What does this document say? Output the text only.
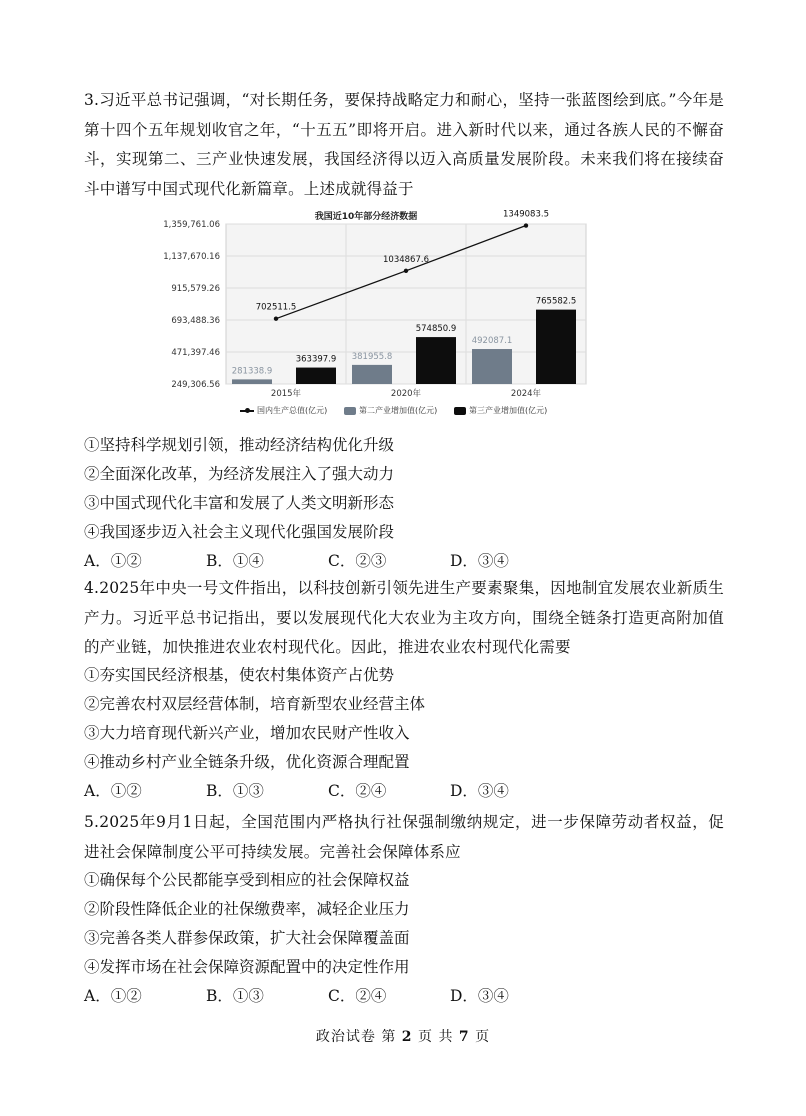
3.习近平总书记强调，“对长期任务，要保持战略定力和耐心，坚持一张蓝图绘到底。”今年是第十四个五年规划收官之年，“十五五”即将开启。进入新时代以来，通过各族人民的不懈奋斗，实现第二、三产业快速发展，我国经济得以迈入高质量发展阶段。未来我们将在接续奋斗中谱写中国式现代化新篇章。上述成就得益于
1,359,761.06
1,137,670.16
915,579.26
693,488.36
471,397.46
249,306.56
我国近10年部分经济数据
281338.9
363397.9
2015年
381955.8
574850.9
2020年
492087.1
765582.5
2024年
702511.5
1034867.6
1349083.5
国内生产总值(亿元)	第二产业增加值(亿元)	第三产业增加值(亿元)
①坚持科学规划引领，推动经济结构优化升级
②全面深化改革，为经济发展注入了强大动力
③中国式现代化丰富和发展了人类文明新形态
④我国逐步迈入社会主义现代化强国发展阶段
A．①②	B．①④	C．②③	D．③④
4.2025年中央一号文件指出，以科技创新引领先进生产要素聚集，因地制宜发展农业新质生产力。习近平总书记指出，要以发展现代化大农业为主攻方向，围绕全链条打造更高附加值的产业链，加快推进农业农村现代化。因此，推进农业农村现代化需要
①夯实国民经济根基，使农村集体资产占优势
②完善农村双层经营体制，培育新型农业经营主体
③大力培育现代新兴产业，增加农民财产性收入
④推动乡村产业全链条升级，优化资源合理配置
A．①②	B．①③	C．②④	D．③④
5.2025年9月1日起，全国范围内严格执行社保强制缴纳规定，进一步保障劳动者权益，促进社会保障制度公平可持续发展。完善社会保障体系应
①确保每个公民都能享受到相应的社会保障权益
②阶段性降低企业的社保缴费率，减轻企业压力
③完善各类人群参保政策，扩大社会保障覆盖面
④发挥市场在社会保障资源配置中的决定性作用
A．①②	B．①③	C．②④	D．③④
政治试卷 第 2 页 共 7 页
